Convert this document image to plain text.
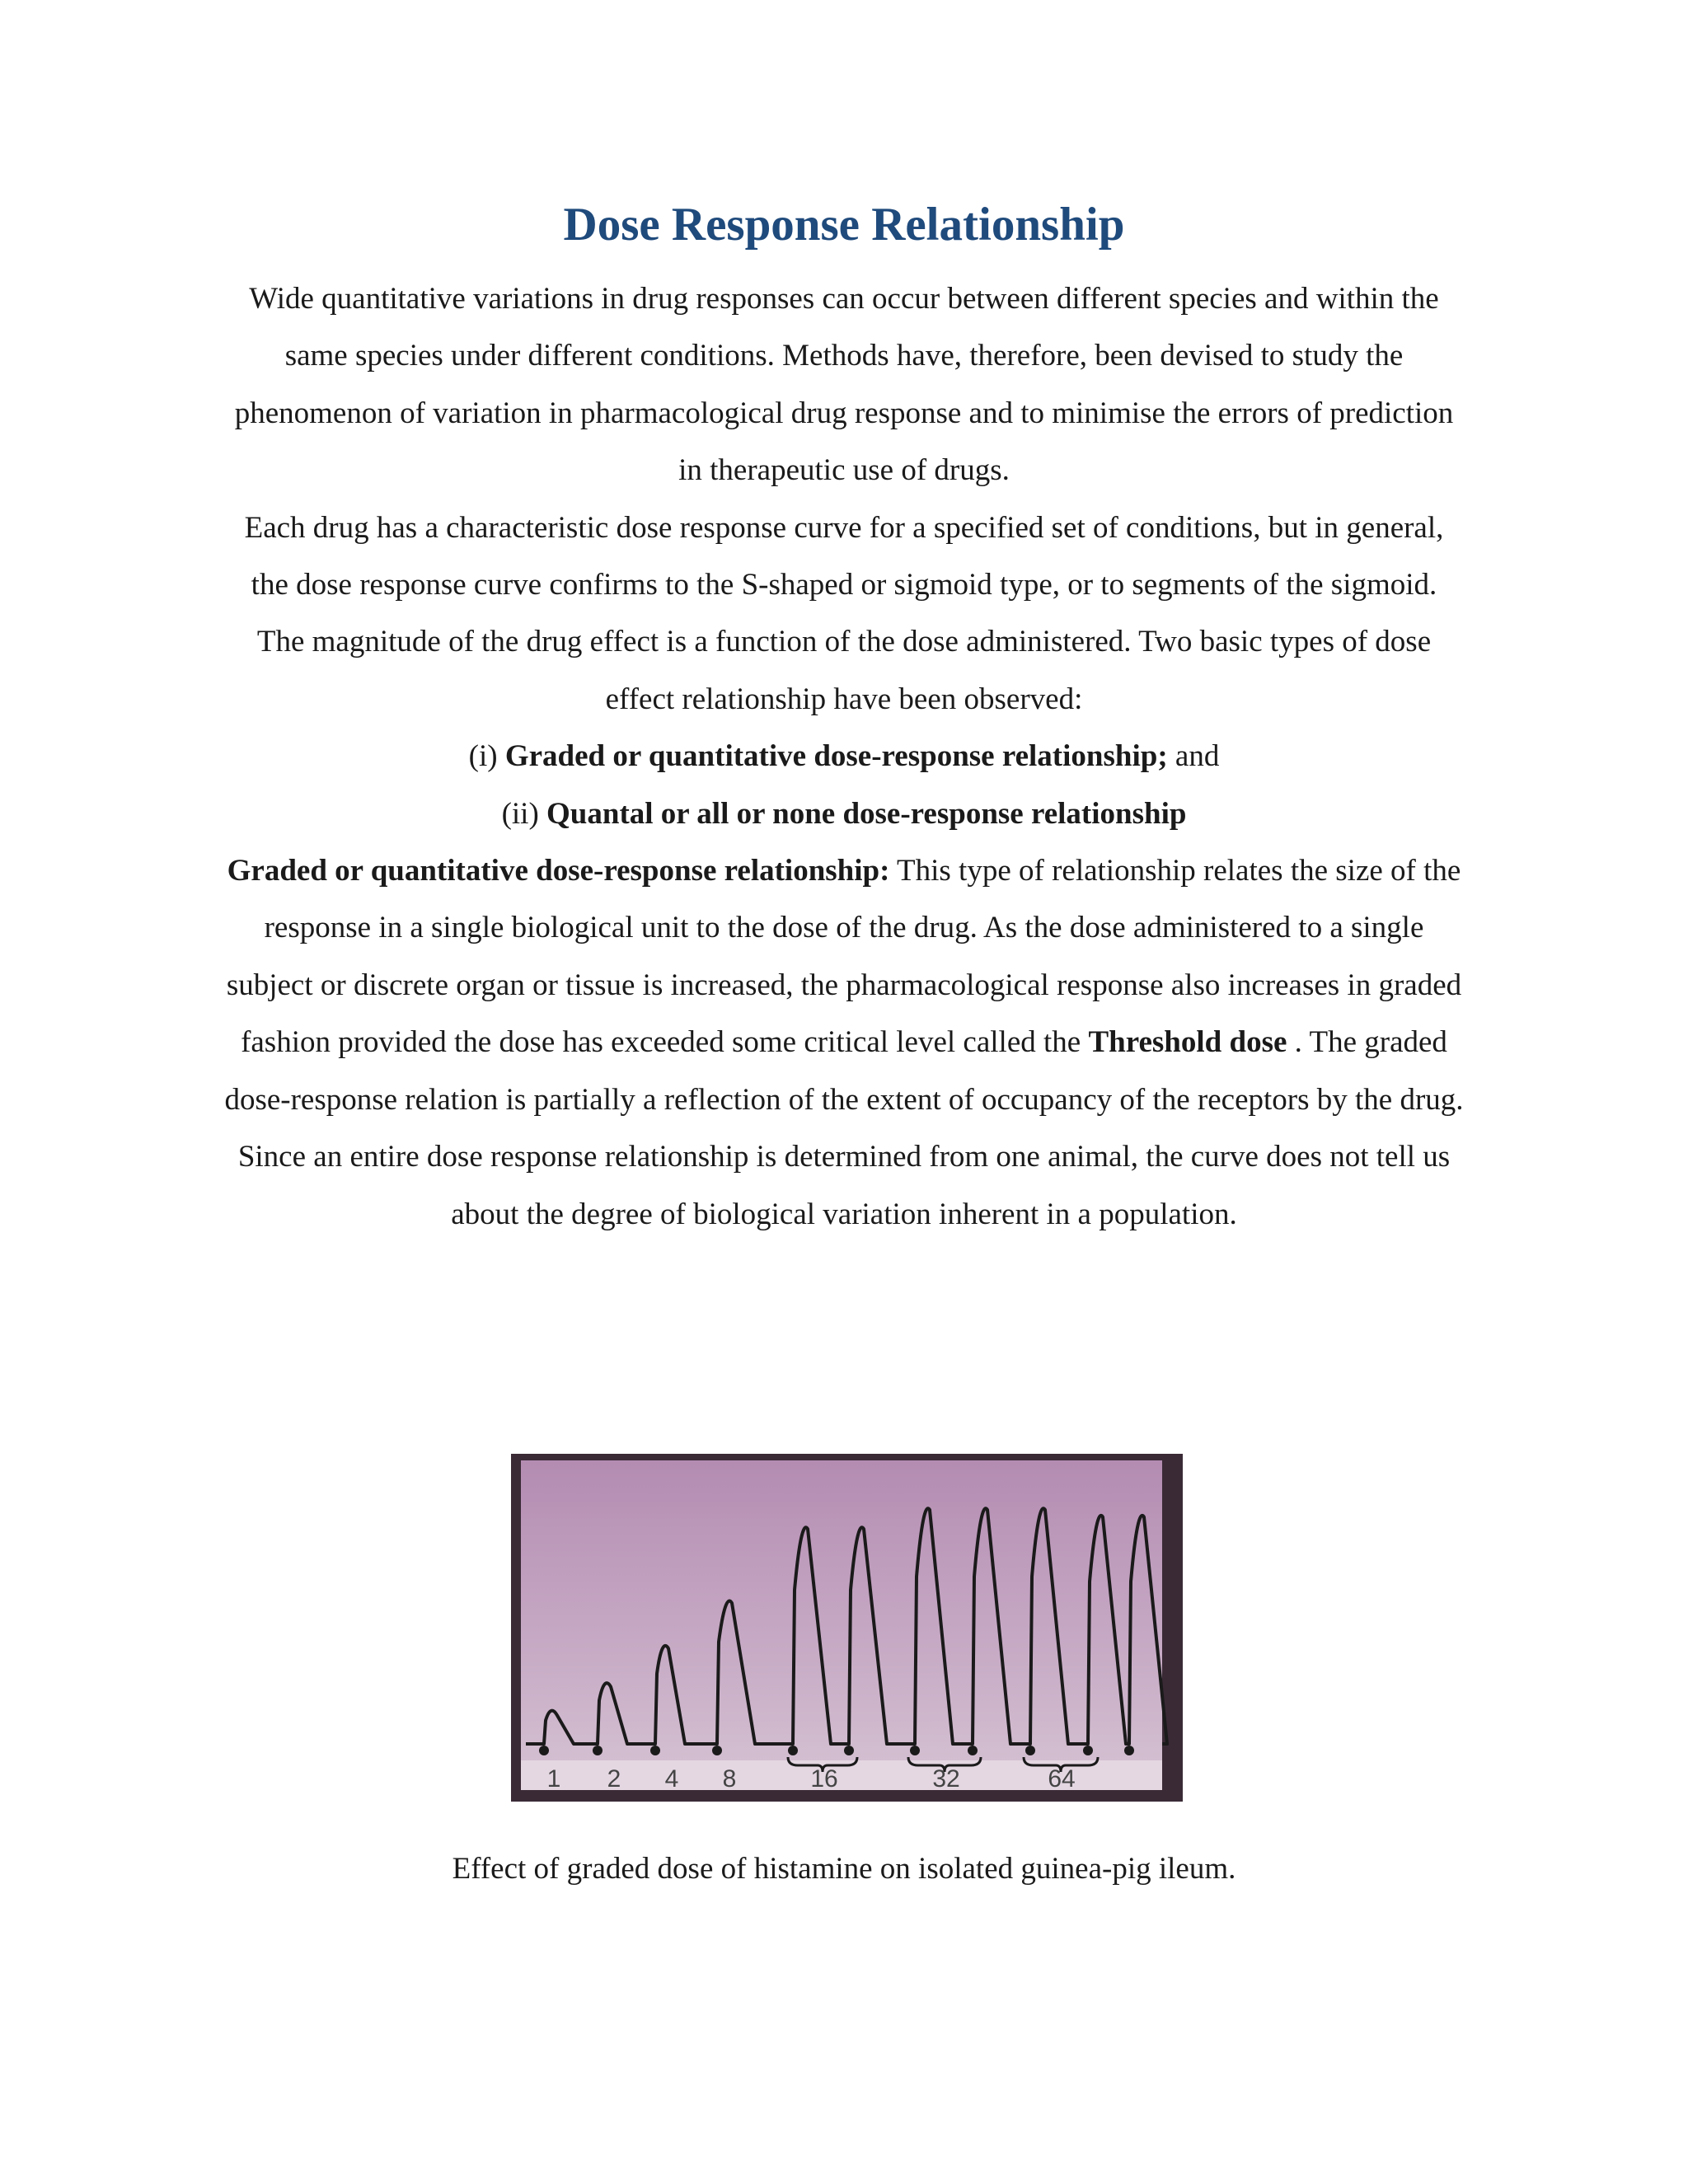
Dose Response Relationship

Wide quantitative variations in drug responses can occur between different species and within the same species under different conditions. Methods have, therefore, been devised to study the phenomenon of variation in pharmacological drug response and to minimise the errors of prediction in therapeutic use of drugs.

Each drug has a characteristic dose response curve for a specified set of conditions, but in general, the dose response curve confirms to the S-shaped or sigmoid type, or to segments of the sigmoid.

The magnitude of the drug effect is a function of the dose administered. Two basic types of dose effect relationship have been observed:

(i) Graded or quantitative dose-response relationship; and

(ii) Quantal or all or none dose-response relationship

Graded or quantitative dose-response relationship: This type of relationship relates the size of the response in a single biological unit to the dose of the drug. As the dose administered to a single subject or discrete organ or tissue is increased, the pharmacological response also increases in graded fashion provided the dose has exceeded some critical level called the Threshold dose . The graded dose-response relation is partially a reflection of the extent of occupancy of the receptors by the drug. Since an entire dose response relationship is determined from one animal, the curve does not tell us about the degree of biological variation inherent in a population.

1 2 4 8	16	32	64

Effect of graded dose of histamine on isolated guinea-pig ileum.
